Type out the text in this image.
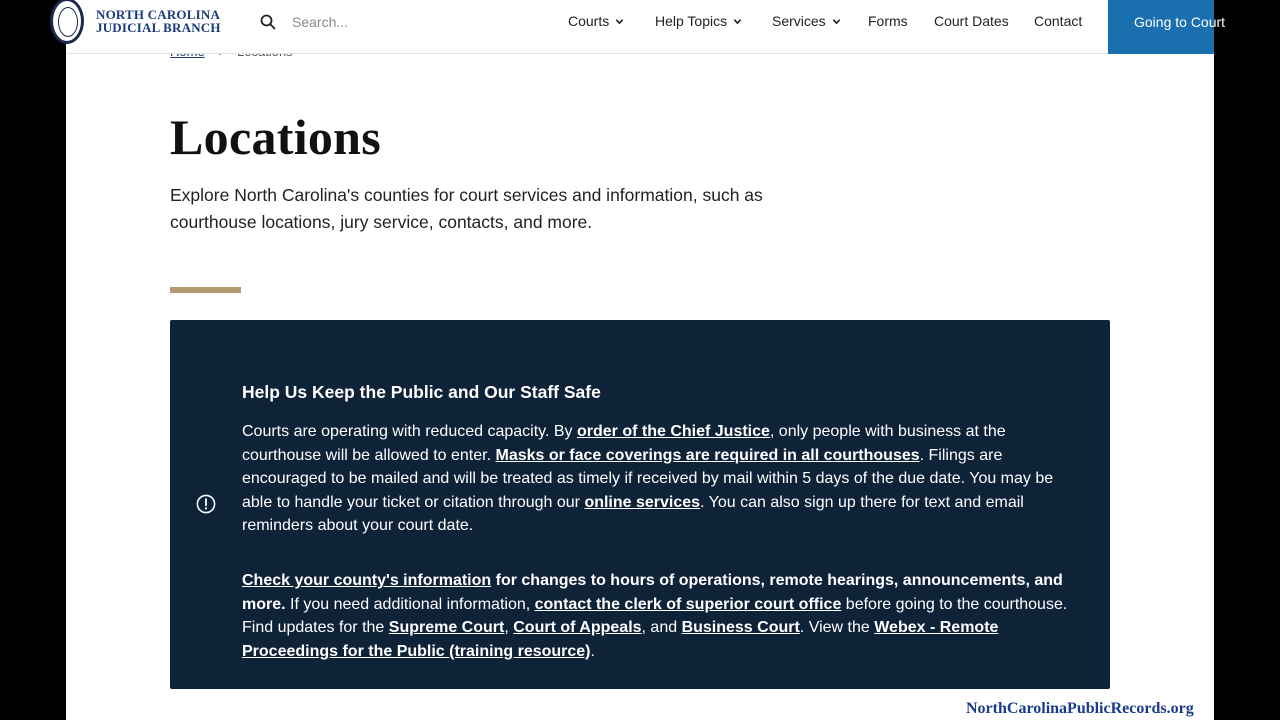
NORTH CAROLINA
JUDICIAL BRANCH
Search...	Courts	Help Topics	Services	Forms Court Dates Contact	Going to Court
Locations

Explore North Carolina's counties for court services and information, such as courthouse locations, jury service, contacts, and more.

Help Us Keep the Public and Our Staff Safe

Courts are operating with reduced capacity. By order of the Chief Justice, only people with business at the courthouse will be allowed to enter. Masks or face coverings are required in all courthouses. Filings are encouraged to be mailed and will be treated as timely if received by mail within 5 days of the due date. You may be able to handle your ticket or citation through our online services. You can also sign up there for text and email reminders about your court date.

Check your county's information for changes to hours of operations, remote hearings, announcements, and more. If you need additional information, contact the clerk of superior court office before going to the courthouse. Find updates for the Supreme Court, Court of Appeals, and Business Court. View the Webex - Remote Proceedings for the Public (training resource).

NorthCarolinaPublicRecords.org
